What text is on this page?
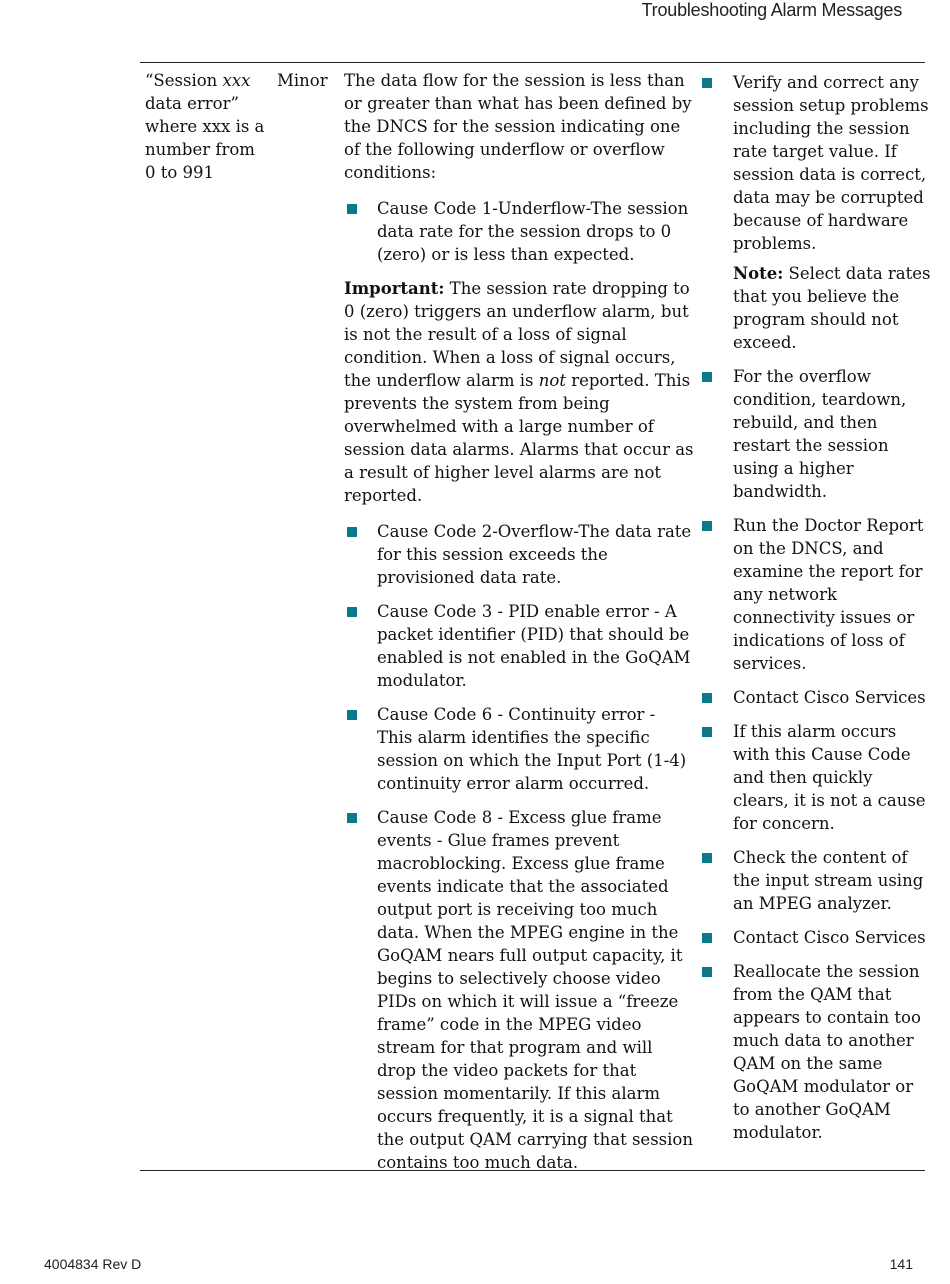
Troubleshooting Alarm Messages

“Session xxx data error” where xxx is a number from 0 to 991

Minor The data flow for the session is less than or greater than what has been defined by the DNCS for the session indicating one of the following underflow or overflow conditions:

Cause Code 1-Underflow-The session data rate for the session drops to 0 (zero) or is less than expected.

Important: The session rate dropping to 0 (zero) triggers an underflow alarm, but is not the result of a loss of signal condition. When a loss of signal occurs, the underflow alarm is not reported. This prevents the system from being overwhelmed with a large number of session data alarms. Alarms that occur as a result of higher level alarms are not reported.

Cause Code 2-Overflow-The data rate for this session exceeds the provisioned data rate.
Cause Code 3 - PID enable error - A packet identifier (PID) that should be enabled is not enabled in the GoQAM modulator.
Cause Code 6 - Continuity error - This alarm identifies the specific session on which the Input Port (1-4) continuity error alarm occurred.
Cause Code 8 - Excess glue frame events - Glue frames prevent macroblocking. Excess glue frame events indicate that the associated output port is receiving too much data. When the MPEG engine in the GoQAM nears full output capacity, it begins to selectively choose video PIDs on which it will issue a “freeze frame” code in the MPEG video stream for that program and will drop the video packets for that session momentarily. If this alarm occurs frequently, it is a signal that the output QAM carrying that session contains too much data.
Verify and correct any session setup problems including the session rate target value. If session data is correct, data may be corrupted because of hardware problems.

Note: Select data rates that you believe the program should not exceed.

For the overflow condition, teardown, rebuild, and then restart the session using a higher bandwidth.
Run the Doctor Report on the DNCS, and examine the report for any network connectivity issues or indications of loss of services.
Contact Cisco Services
If this alarm occurs with this Cause Code and then quickly clears, it is not a cause for concern.
Check the content of the input stream using an MPEG analyzer.
Contact Cisco Services
Reallocate the session from the QAM that appears to contain too much data to another QAM on the same GoQAM modulator or to another GoQAM modulator.
4004834 Rev D	141
